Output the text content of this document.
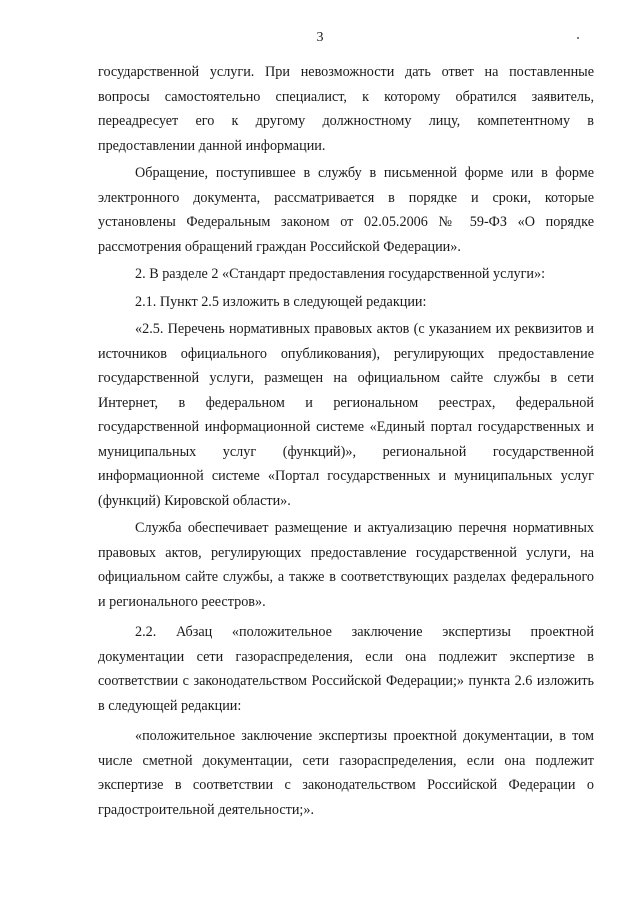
3

государственной услуги. При невозможности дать ответ на поставленные вопросы самостоятельно специалист, к которому обратился заявитель, переадресует его к другому должностному лицу, компетентному в предоставлении данной информации.

Обращение, поступившее в службу в письменной форме или в форме электронного документа, рассматривается в порядке и сроки, которые установлены Федеральным законом от 02.05.2006 № 59-ФЗ «О порядке рассмотрения обращений граждан Российской Федерации».

2. В разделе 2 «Стандарт предоставления государственной услуги»:

2.1. Пункт 2.5 изложить в следующей редакции:

«2.5. Перечень нормативных правовых актов (с указанием их реквизитов и источников официального опубликования), регулирующих предоставление государственной услуги, размещен на официальном сайте службы в сети Интернет, в федеральном и региональном реестрах, федеральной государственной информационной системе «Единый портал государственных и муниципальных услуг (функций)», региональной государственной информационной системе «Портал государственных и муниципальных услуг (функций) Кировской области».

Служба обеспечивает размещение и актуализацию перечня нормативных правовых актов, регулирующих предоставление государственной услуги, на официальном сайте службы, а также в соответствующих разделах федерального и регионального реестров».

2.2. Абзац «положительное заключение экспертизы проектной документации сети газораспределения, если она подлежит экспертизе в соответствии с законодательством Российской Федерации;» пункта 2.6 изложить в следующей редакции:

«положительное заключение экспертизы проектной документации, в том числе сметной документации, сети газораспределения, если она подлежит экспертизе в соответствии с законодательством Российской Федерации о градостроительной деятельности;».
